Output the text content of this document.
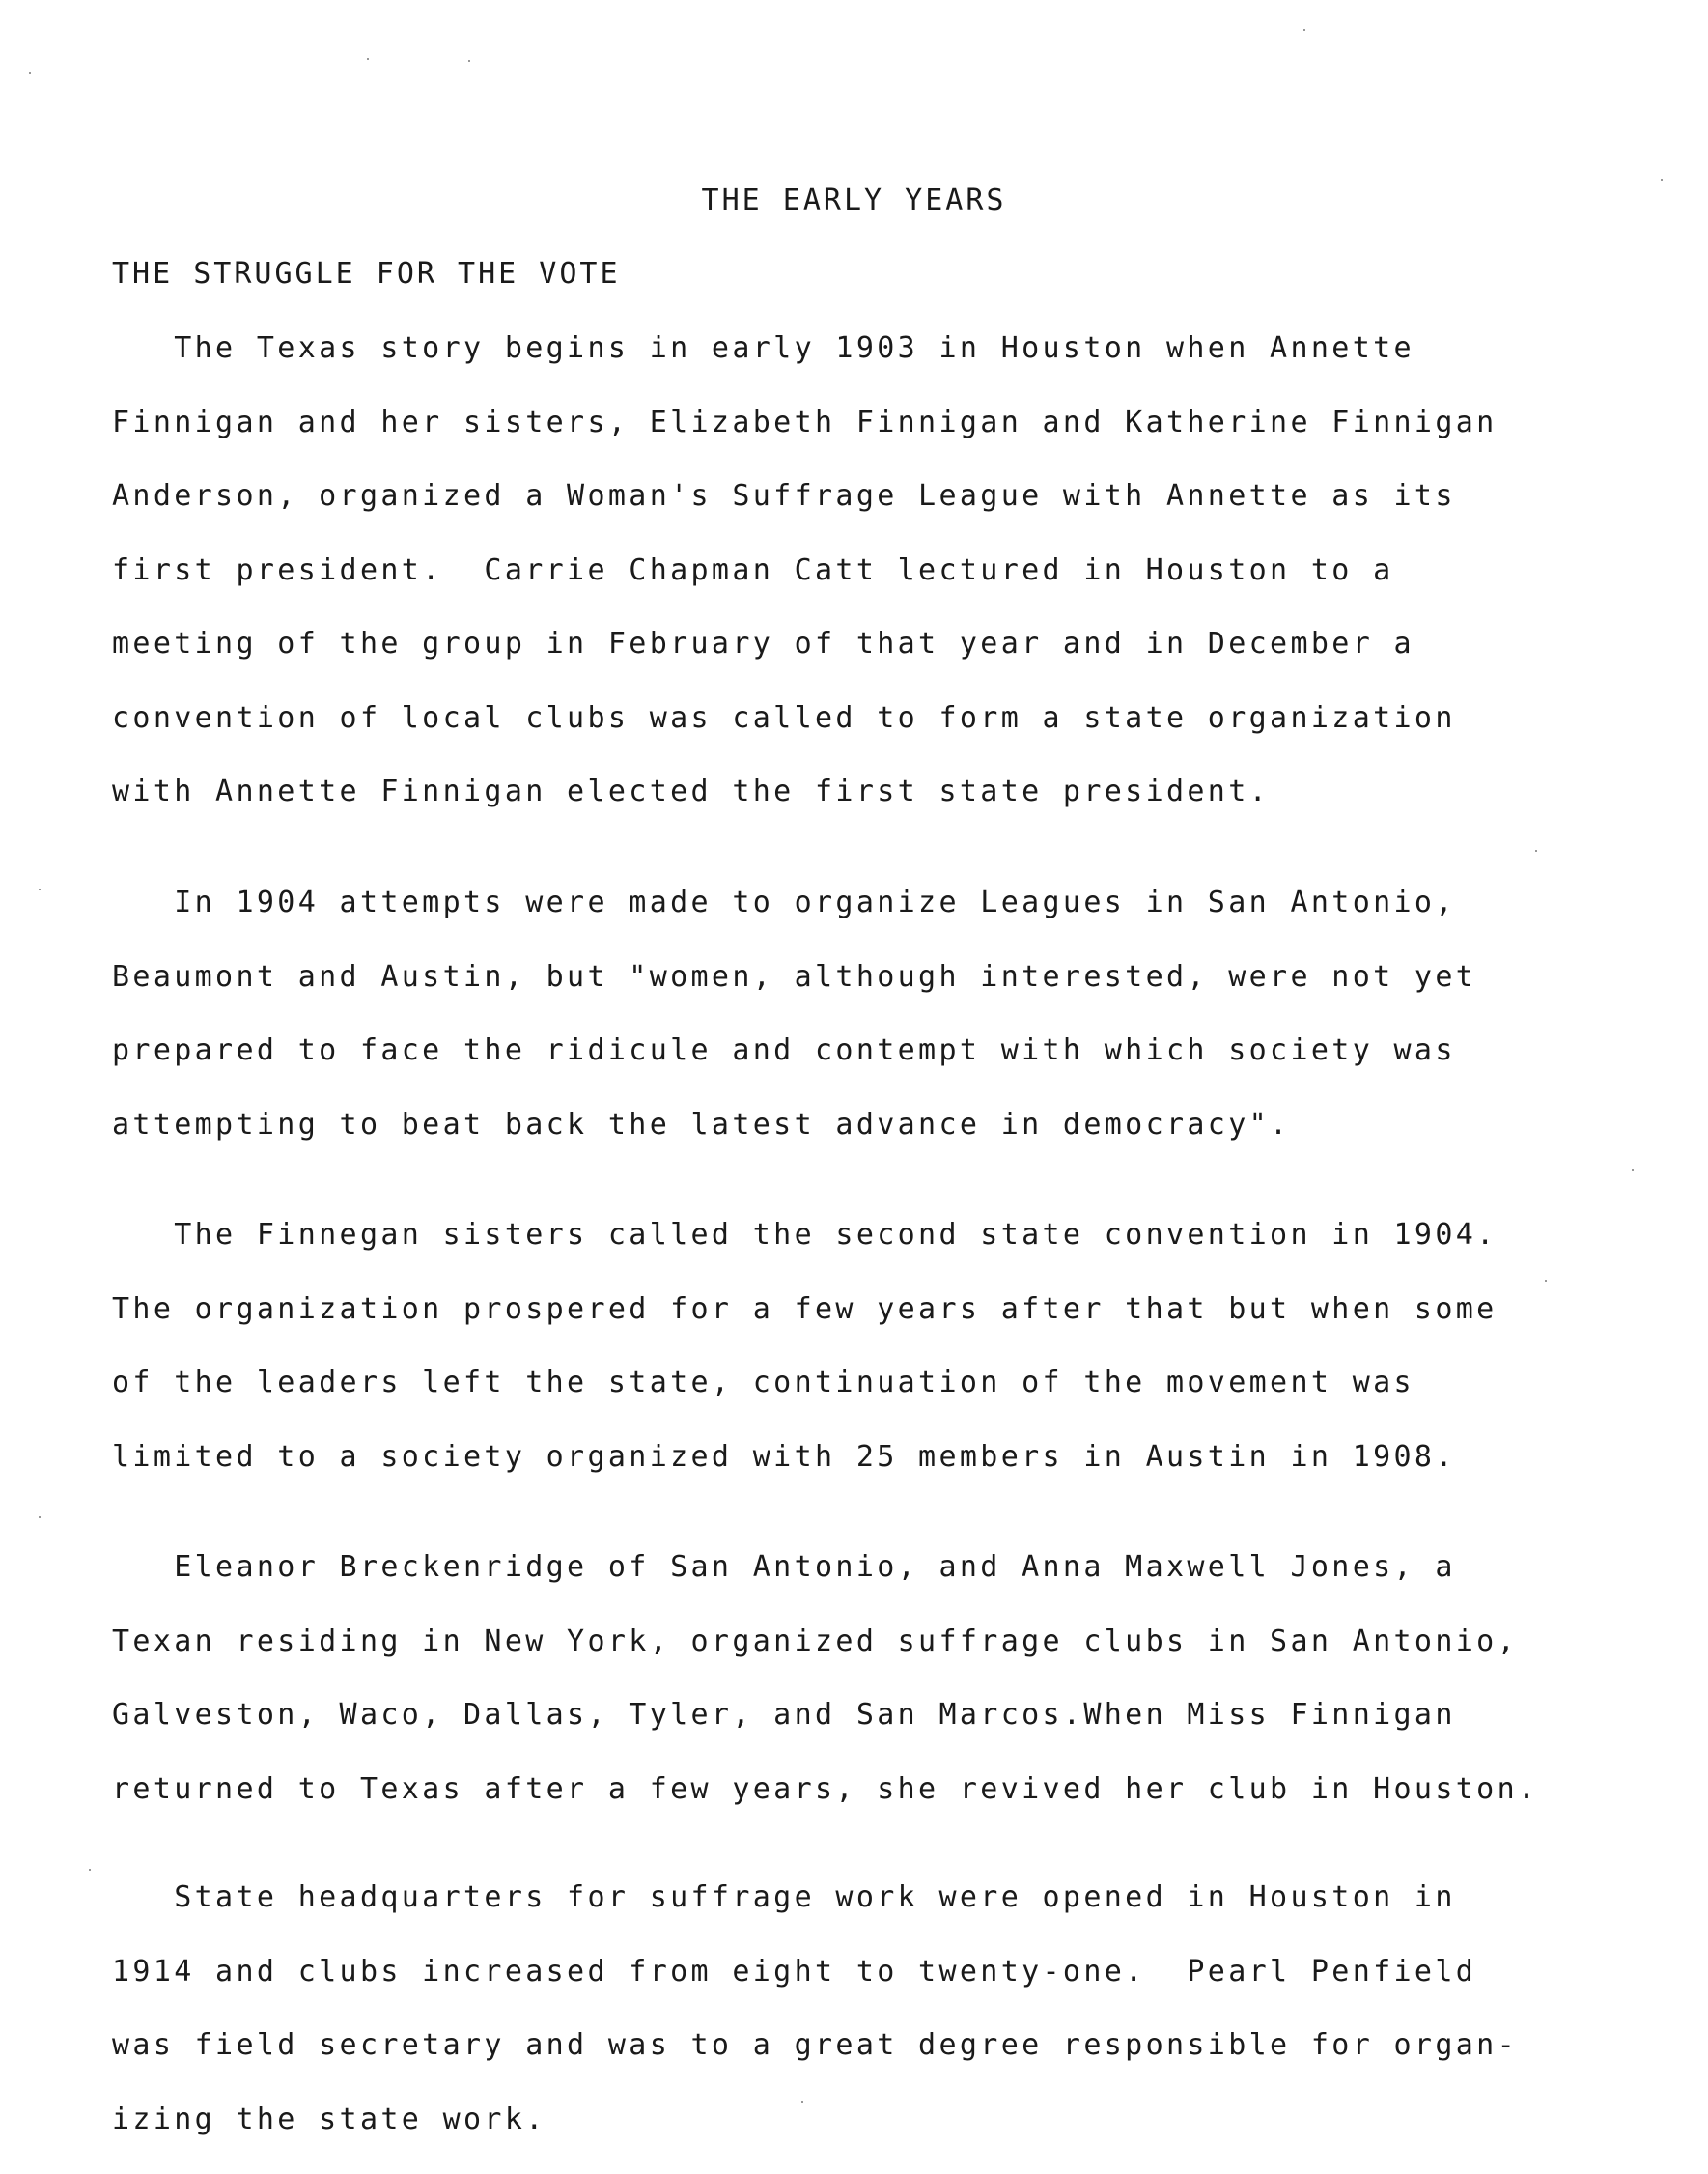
THE EARLY YEARS
THE STRUGGLE FOR THE VOTE
The Texas story begins in early 1903 in Houston when Annette
Finnigan and her sisters, Elizabeth Finnigan and Katherine Finnigan
Anderson, organized a Woman's Suffrage League with Annette as its
first president.  Carrie Chapman Catt lectured in Houston to a
meeting of the group in February of that year and in December a
convention of local clubs was called to form a state organization
with Annette Finnigan elected the first state president.
In 1904 attempts were made to organize Leagues in San Antonio,
Beaumont and Austin, but "women, although interested, were not yet
prepared to face the ridicule and contempt with which society was
attempting to beat back the latest advance in democracy".
The Finnegan sisters called the second state convention in 1904.
The organization prospered for a few years after that but when some
of the leaders left the state, continuation of the movement was
limited to a society organized with 25 members in Austin in 1908.
Eleanor Breckenridge of San Antonio, and Anna Maxwell Jones, a
Texan residing in New York, organized suffrage clubs in San Antonio,
Galveston, Waco, Dallas, Tyler, and San Marcos.When Miss Finnigan
returned to Texas after a few years, she revived her club in Houston.
State headquarters for suffrage work were opened in Houston in
1914 and clubs increased from eight to twenty-one.  Pearl Penfield
was field secretary and was to a great degree responsible for organ-
izing the state work.
